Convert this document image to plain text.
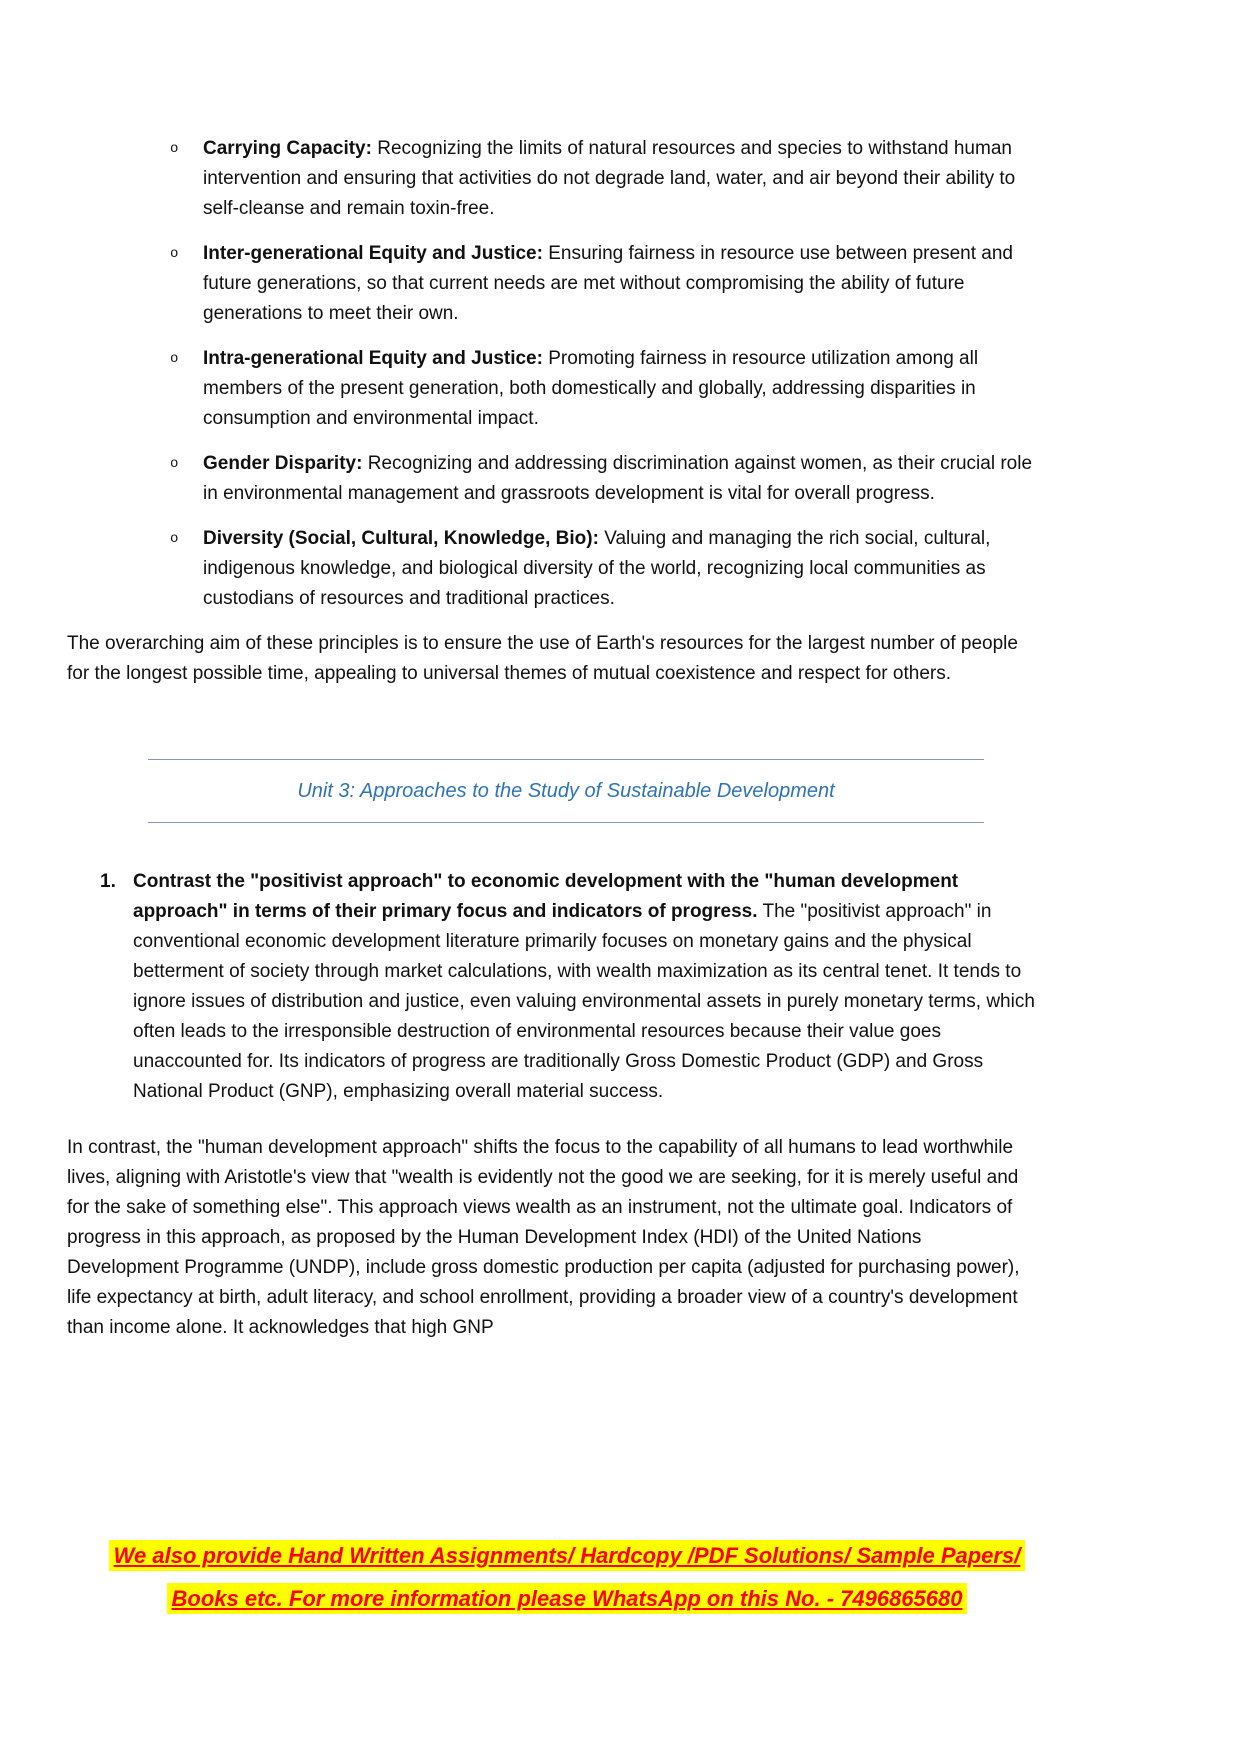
o	Carrying Capacity: Recognizing the limits of natural resources and species to withstand human intervention and ensuring that activities do not degrade land, water, and air beyond their ability to self-cleanse and remain toxin-free.
o	Inter-generational Equity and Justice: Ensuring fairness in resource use between present and future generations, so that current needs are met without compromising the ability of future generations to meet their own.
o	Intra-generational Equity and Justice: Promoting fairness in resource utilization among all members of the present generation, both domestically and globally, addressing disparities in consumption and environmental impact.
o	Gender Disparity: Recognizing and addressing discrimination against women, as their crucial role in environmental management and grassroots development is vital for overall progress.
o	Diversity (Social, Cultural, Knowledge, Bio): Valuing and managing the rich social, cultural, indigenous knowledge, and biological diversity of the world, recognizing local communities as custodians of resources and traditional practices.

The overarching aim of these principles is to ensure the use of Earth's resources for the largest number of people for the longest possible time, appealing to universal themes of mutual coexistence and respect for others.

Unit 3: Approaches to the Study of Sustainable Development
1. Contrast the "positivist approach" to economic development with the "human development approach" in terms of their primary focus and indicators of progress. The "positivist approach" in conventional economic development literature primarily focuses on monetary gains and the physical betterment of society through market calculations, with wealth maximization as its central tenet. It tends to ignore issues of distribution and justice, even valuing environmental assets in purely monetary terms, which often leads to the irresponsible destruction of environmental resources because their value goes unaccounted for. Its indicators of progress are traditionally Gross Domestic Product (GDP) and Gross National Product (GNP), emphasizing overall material success.

In contrast, the "human development approach" shifts the focus to the capability of all humans to lead worthwhile lives, aligning with Aristotle's view that "wealth is evidently not the good we are seeking, for it is merely useful and for the sake of something else". This approach views wealth as an instrument, not the ultimate goal. Indicators of progress in this approach, as proposed by the Human Development Index (HDI) of the United Nations Development Programme (UNDP), include gross domestic production per capita (adjusted for purchasing power), life expectancy at birth, adult literacy, and school enrollment, providing a broader view of a country's development than income alone. It acknowledges that high GNP

We also provide Hand Written Assignments/ Hardcopy /PDF Solutions/ Sample Papers/
Books etc. For more information please WhatsApp on this No. - 7496865680
